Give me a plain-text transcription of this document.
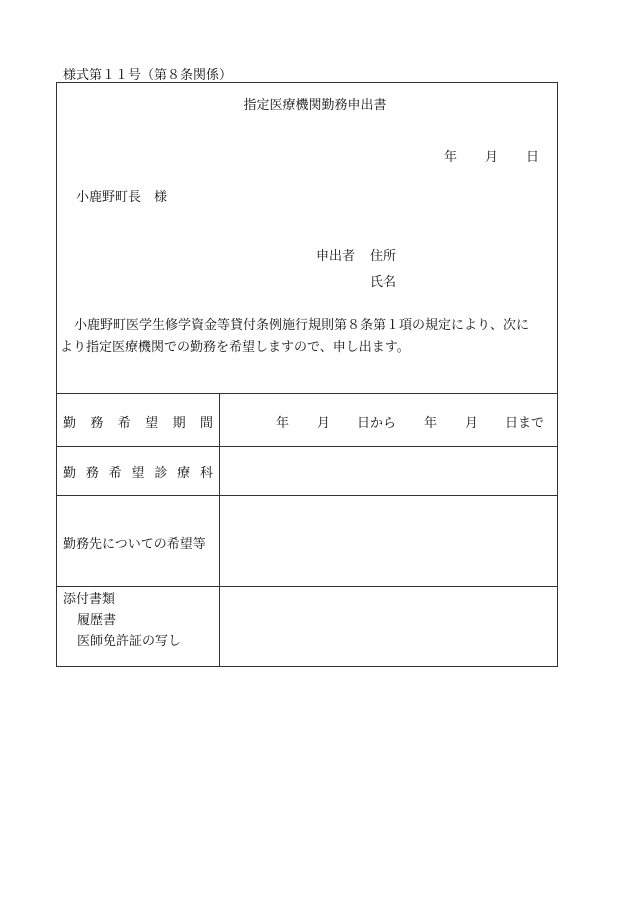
様式第１１号（第８条関係）
指定医療機関勤務申出書
年 月 日
小鹿野町長　様
申出者 住所
氏名
小鹿野町医学生修学資金等貸付条例施行規則第８条第１項の規定により、次に
より指定医療機関での勤務を希望しますので、申し出ます。
勤 務 希 望 期 間	年 月 日から 年 月 日まで
勤 務 希 望 診 療 科
勤務先についての希望等
添付書類
履歴書
医師免許証の写し
